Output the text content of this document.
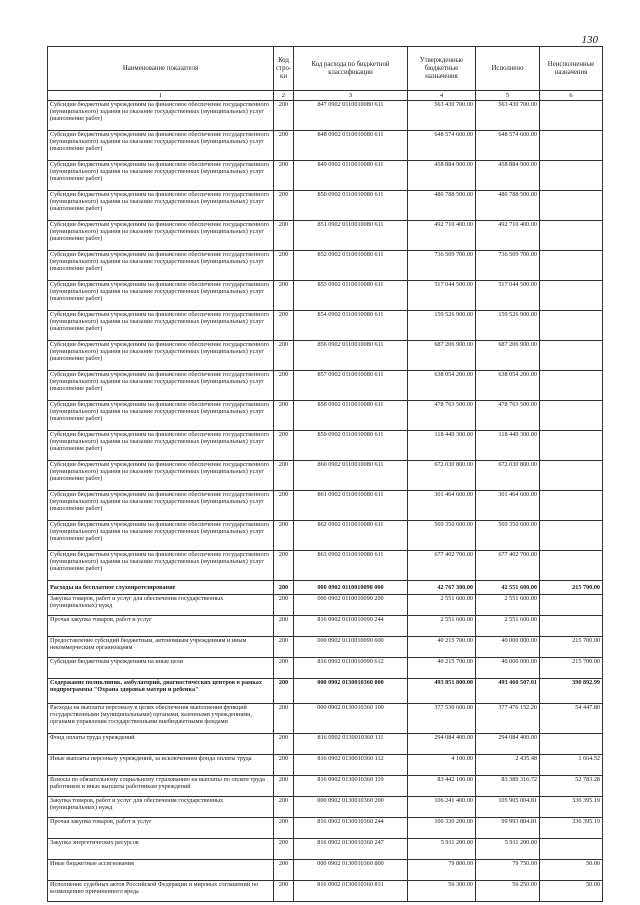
130
Наименование показателя	Код стро-ки	Код расхода по бюджетной классификации	Утвержденные бюджетные назначения	Исполнено	Неисполненные назначения
1	2	3	4	5	6
Субсидии бюджетным учреждениям на финансовое обеспечение государственного (муниципального) задания на оказание государственных (муниципальных) услуг (выполнение работ)	200	847 0902 0110010080 611	563 430 700.00	563 430 700.00	
Субсидии бюджетным учреждениям на финансовое обеспечение государственного (муниципального) задания на оказание государственных (муниципальных) услуг (выполнение работ)	200	848 0902 0110010080 611	648 574 600.00	648 574 600.00	
Субсидии бюджетным учреждениям на финансовое обеспечение государственного (муниципального) задания на оказание государственных (муниципальных) услуг (выполнение работ)	200	849 0902 0110010080 611	458 884 900.00	458 884 900.00	
Субсидии бюджетным учреждениям на финансовое обеспечение государственного (муниципального) задания на оказание государственных (муниципальных) услуг (выполнение работ)	200	850 0902 0110010080 611	480 788 500.00	480 788 500.00	
Субсидии бюджетным учреждениям на финансовое обеспечение государственного (муниципального) задания на оказание государственных (муниципальных) услуг (выполнение работ)	200	851 0902 0110010080 611	492 710 400.00	492 710 400.00	
Субсидии бюджетным учреждениям на финансовое обеспечение государственного (муниципального) задания на оказание государственных (муниципальных) услуг (выполнение работ)	200	852 0902 0110010080 611	736 509 700.00	736 509 700.00	
Субсидии бюджетным учреждениям на финансовое обеспечение государственного (муниципального) задания на оказание государственных (муниципальных) услуг (выполнение работ)	200	853 0902 0110010080 611	517 044 500.00	517 044 500.00	
Субсидии бюджетным учреждениям на финансовое обеспечение государственного (муниципального) задания на оказание государственных (муниципальных) услуг (выполнение работ)	200	854 0902 0110010080 611	159 526 900.00	159 526 900.00	
Субсидии бюджетным учреждениям на финансовое обеспечение государственного (муниципального) задания на оказание государственных (муниципальных) услуг (выполнение работ)	200	856 0902 0110010080 611	687 206 900.00	687 206 900.00	
Субсидии бюджетным учреждениям на финансовое обеспечение государственного (муниципального) задания на оказание государственных (муниципальных) услуг (выполнение работ)	200	857 0902 0110010080 611	638 054 200.00	638 054 200.00	
Субсидии бюджетным учреждениям на финансовое обеспечение государственного (муниципального) задания на оказание государственных (муниципальных) услуг (выполнение работ)	200	858 0902 0110010080 611	478 763 500.00	478 763 500.00	
Субсидии бюджетным учреждениям на финансовое обеспечение государственного (муниципального) задания на оказание государственных (муниципальных) услуг (выполнение работ)	200	859 0902 0110010080 611	118 449 300.00	118 449 300.00	
Субсидии бюджетным учреждениям на финансовое обеспечение государственного (муниципального) задания на оказание государственных (муниципальных) услуг (выполнение работ)	200	860 0902 0110010080 611	672 030 800.00	672 030 800.00	
Субсидии бюджетным учреждениям на финансовое обеспечение государственного (муниципального) задания на оказание государственных (муниципальных) услуг (выполнение работ)	200	861 0902 0110010080 611	301 464 600.00	301 464 600.00	
Субсидии бюджетным учреждениям на финансовое обеспечение государственного (муниципального) задания на оказание государственных (муниципальных) услуг (выполнение работ)	200	862 0902 0110010080 611	569 350 600.00	569 350 600.00	
Субсидии бюджетным учреждениям на финансовое обеспечение государственного (муниципального) задания на оказание государственных (муниципальных) услуг (выполнение работ)	200	863 0902 0110010080 611	677 402 700.00	677 402 700.00	
Расходы на бесплатное слухопротезирование	200	000 0902 0110010090 000	42 767 300.00	42 551 600.00	215 700.00
Закупка товаров, работ и услуг для обеспечения государственных (муниципальных) нужд	200	000 0902 0110010090 200	2 551 600.00	2 551 600.00	
Прочая закупка товаров, работ и услуг	200	816 0902 0110010090 244	2 551 600.00	2 551 600.00	
Предоставление субсидий бюджетным, автономным учреждениям и иным некоммерческим организациям	200	000 0902 0110010090 600	40 215 700.00	40 000 000.00	215 700.00
Субсидии бюджетным учреждениям на иные цели	200	816 0902 0110010090 612	40 215 700.00	40 000 000.00	215 700.00
Содержание поликлиник, амбулаторий, диагностических центров в рамках подпрограммы "Охрана здоровья матери и ребенка"	200	000 0902 0130010360 000	493 851 800.00	493 460 507.01	390 892.99
Расходы на выплаты персоналу в целях обеспечения выполнения функций государственными (муниципальными) органами, казенными учреждениями, органами управления государственными внебюджетными фондами	200	000 0902 0130010360 100	377 530 600.00	377 476 152.20	54 447.80
Фонд оплаты труда учреждений	200	816 0902 0130010360 111	294 084 400.00	294 084 400.00	
Иные выплаты персоналу учреждений, за исключением фонда оплаты труда	200	816 0902 0130010360 112	4 100.00	2 435.48	1 664.52
Взносы по обязательному социальному страхованию на выплаты по оплате труда работников и иные выплаты работникам учреждений	200	816 0902 0130010360 119	83 442 100.00	83 389 316.72	52 783.28
Закупка товаров, работ и услуг для обеспечения государственных (муниципальных) нужд	200	000 0902 0130010360 200	106 241 400.00	105 905 004.81	336 395.19
Прочая закупка товаров, работ и услуг	200	816 0902 0130010360 244	100 330 200.00	99 993 804.81	336 395.19
Закупка энергетических ресурсов	200	816 0902 0130010360 247	5 911 200.00	5 911 200.00	
Иные бюджетные ассигнования	200	000 0902 0130010360 800	79 800.00	79 750.00	50.00
Исполнение судебных актов Российской Федерации и мировых соглашений по возмещению причиненного вреда	200	816 0902 0130010360 831	56 300.00	56 250.00	50.00
